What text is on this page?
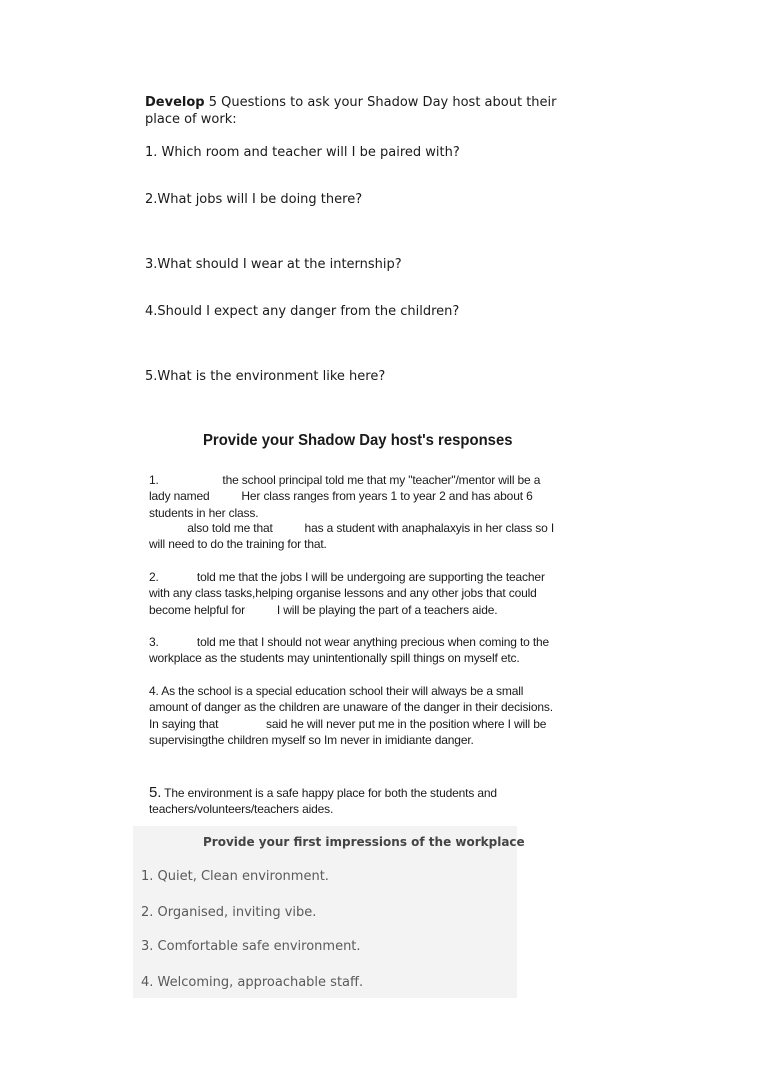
Develop 5 Questions to ask your Shadow Day host about their place of work:

1. Which room and teacher will I be paired with?

2.What jobs will I be doing there?

3.What should I wear at the internship?

4.Should I expect any danger from the children?

5.What is the environment like here?

Provide your Shadow Day host's responses
1.                    the school principal told me that my "teacher"/mentor will be a lady named          Her class ranges from years 1 to year 2 and has about 6 students in her class.
also told me that          has a student with anaphalaxyis in her class so I will need to do the training for that.
2.            told me that the jobs I will be undergoing are supporting the teacher with any class tasks,helping organise lessons and any other jobs that could become helpful for          I will be playing the part of a teachers aide.
3.            told me that I should not wear anything precious when coming to the workplace as the students may unintentionally spill things on myself etc.
4. As the school is a special education school their will always be a small amount of danger as the children are unaware of the danger in their decisions. In saying that               said he will never put me in the position where I will be supervisingthe children myself so Im never in imidiante danger.
5. The environment is a safe happy place for both the students and teachers/volunteers/teachers aides.
Provide your first impressions of the workplace
1. Quiet, Clean environment.
2. Organised, inviting vibe.
3. Comfortable safe environment.
4. Welcoming, approachable staff.
